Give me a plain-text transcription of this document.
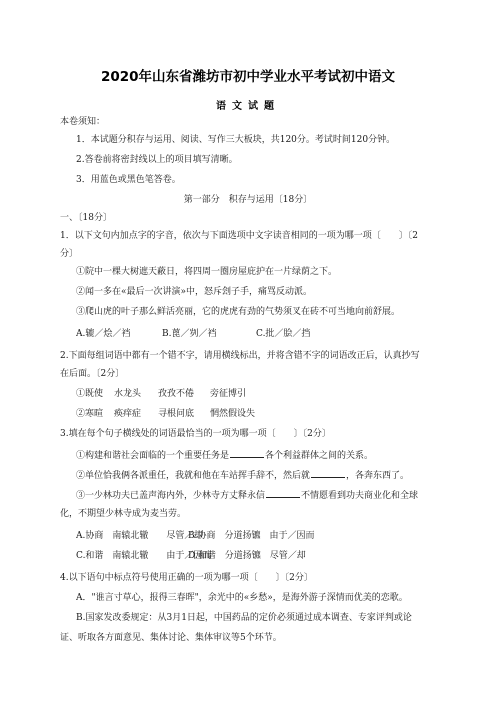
2020年山东省潍坊市初中学业水平考试初中语文
语文试题
本卷须知：
1．本试题分积存与运用、阅读、写作三大板块，共120分。考试时间120分钟。
2.答卷前将密封线以上的项目填写清晰。
3．用蓝色或黑色笔答卷。
第一部分　积存与运用〔18分〕
一、〔18分〕
1．以下文句内加点字的字音，依次与下面选项中文字读音相同的一项为哪一项〔　　〕〔2
分〕
①院中一棵大树遮天蔽日，将四周一圈房屋庇护在一片绿荫之下。
②闻一多在«最后一次讲演»中，怒斥刽子手，痛骂反动派。
③爬山虎的叶子那么鲜活亮丽，它的虎虎有劲的气势须叉在砖不可当地向前舒展。
A.辘／烩／裆	B.蓖／刿／裆	C.批／脍／挡
2.下面每组词语中都有一个错不字，请用横线标出，并将含错不字的词语改正后，认真抄写
在后面。〔2分〕
①既使 水龙头 孜孜不倦 旁征博引
②寒暄 痪痒症 寻根问底 惘然假设失
3.填在每个句子横线处的词语最恰当的一项为哪一项〔　　〕〔2分〕
①构建和谐社会面临的一个重要任务是	各个利益群体之间的关系。
②单位恰我俩各派重任，我就和他在车站挥手辞不，然后就	，各奔东西了。
③一少林功夫已盖声海内外，少林寺方丈释永信	不情愿看到功夫商业化和全球
化，不期望少林寺成为麦当劳。
A.协商　南辕北辙　　尽管／却B.协商　分道扬镳　由于／因而
C.和谐　南辕北辙　　由于／因而D.和谐　分道扬镳　尽管／却
4.以下语句中标点符号使用正确的一项为哪一项〔　　〕〔2分〕
A．"谁言寸草心，报得三春晖"，余光中的«乡愁»，是海外游子深情而优美的恋歌。
B.国家发改委规定：从3月1日起，中国药品的定价必须通过成本调查、专家评判或论
证、听取各方面意见、集体讨论、集体审议等5个环节。
